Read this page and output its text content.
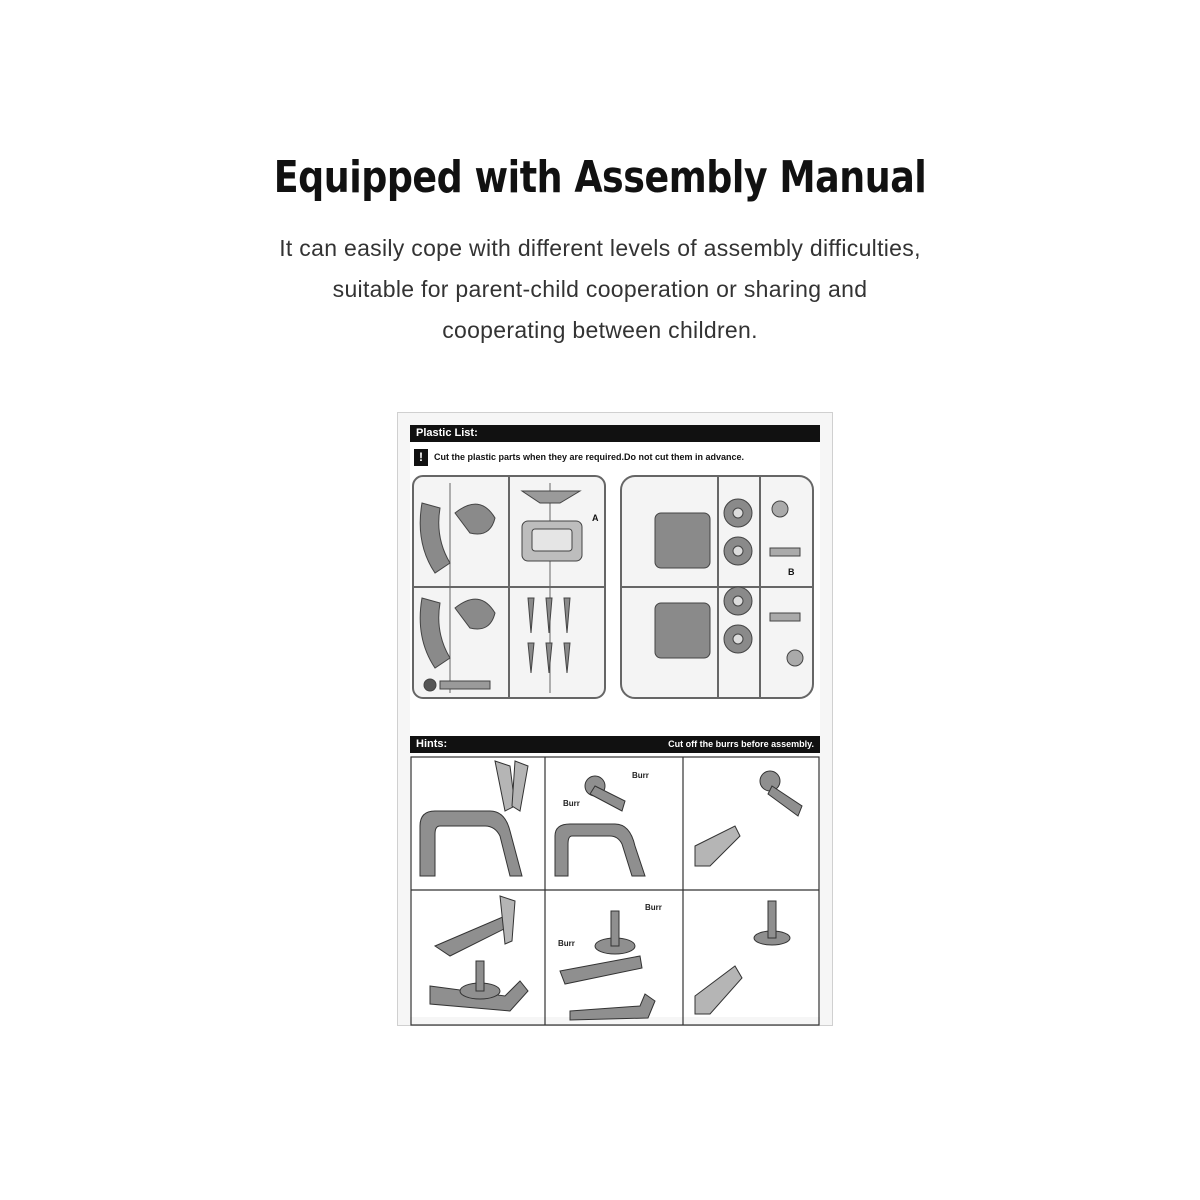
Equipped with Assembly Manual
It can easily cope with different levels of assembly difficulties,
suitable for parent-child cooperation or sharing and
cooperating between children.
Plastic List:
!	Cut the plastic parts when they are required.Do not cut them in advance.
A
B
Hints:	Cut off the burrs before assembly.
Burr
Burr
Burr
Burr
